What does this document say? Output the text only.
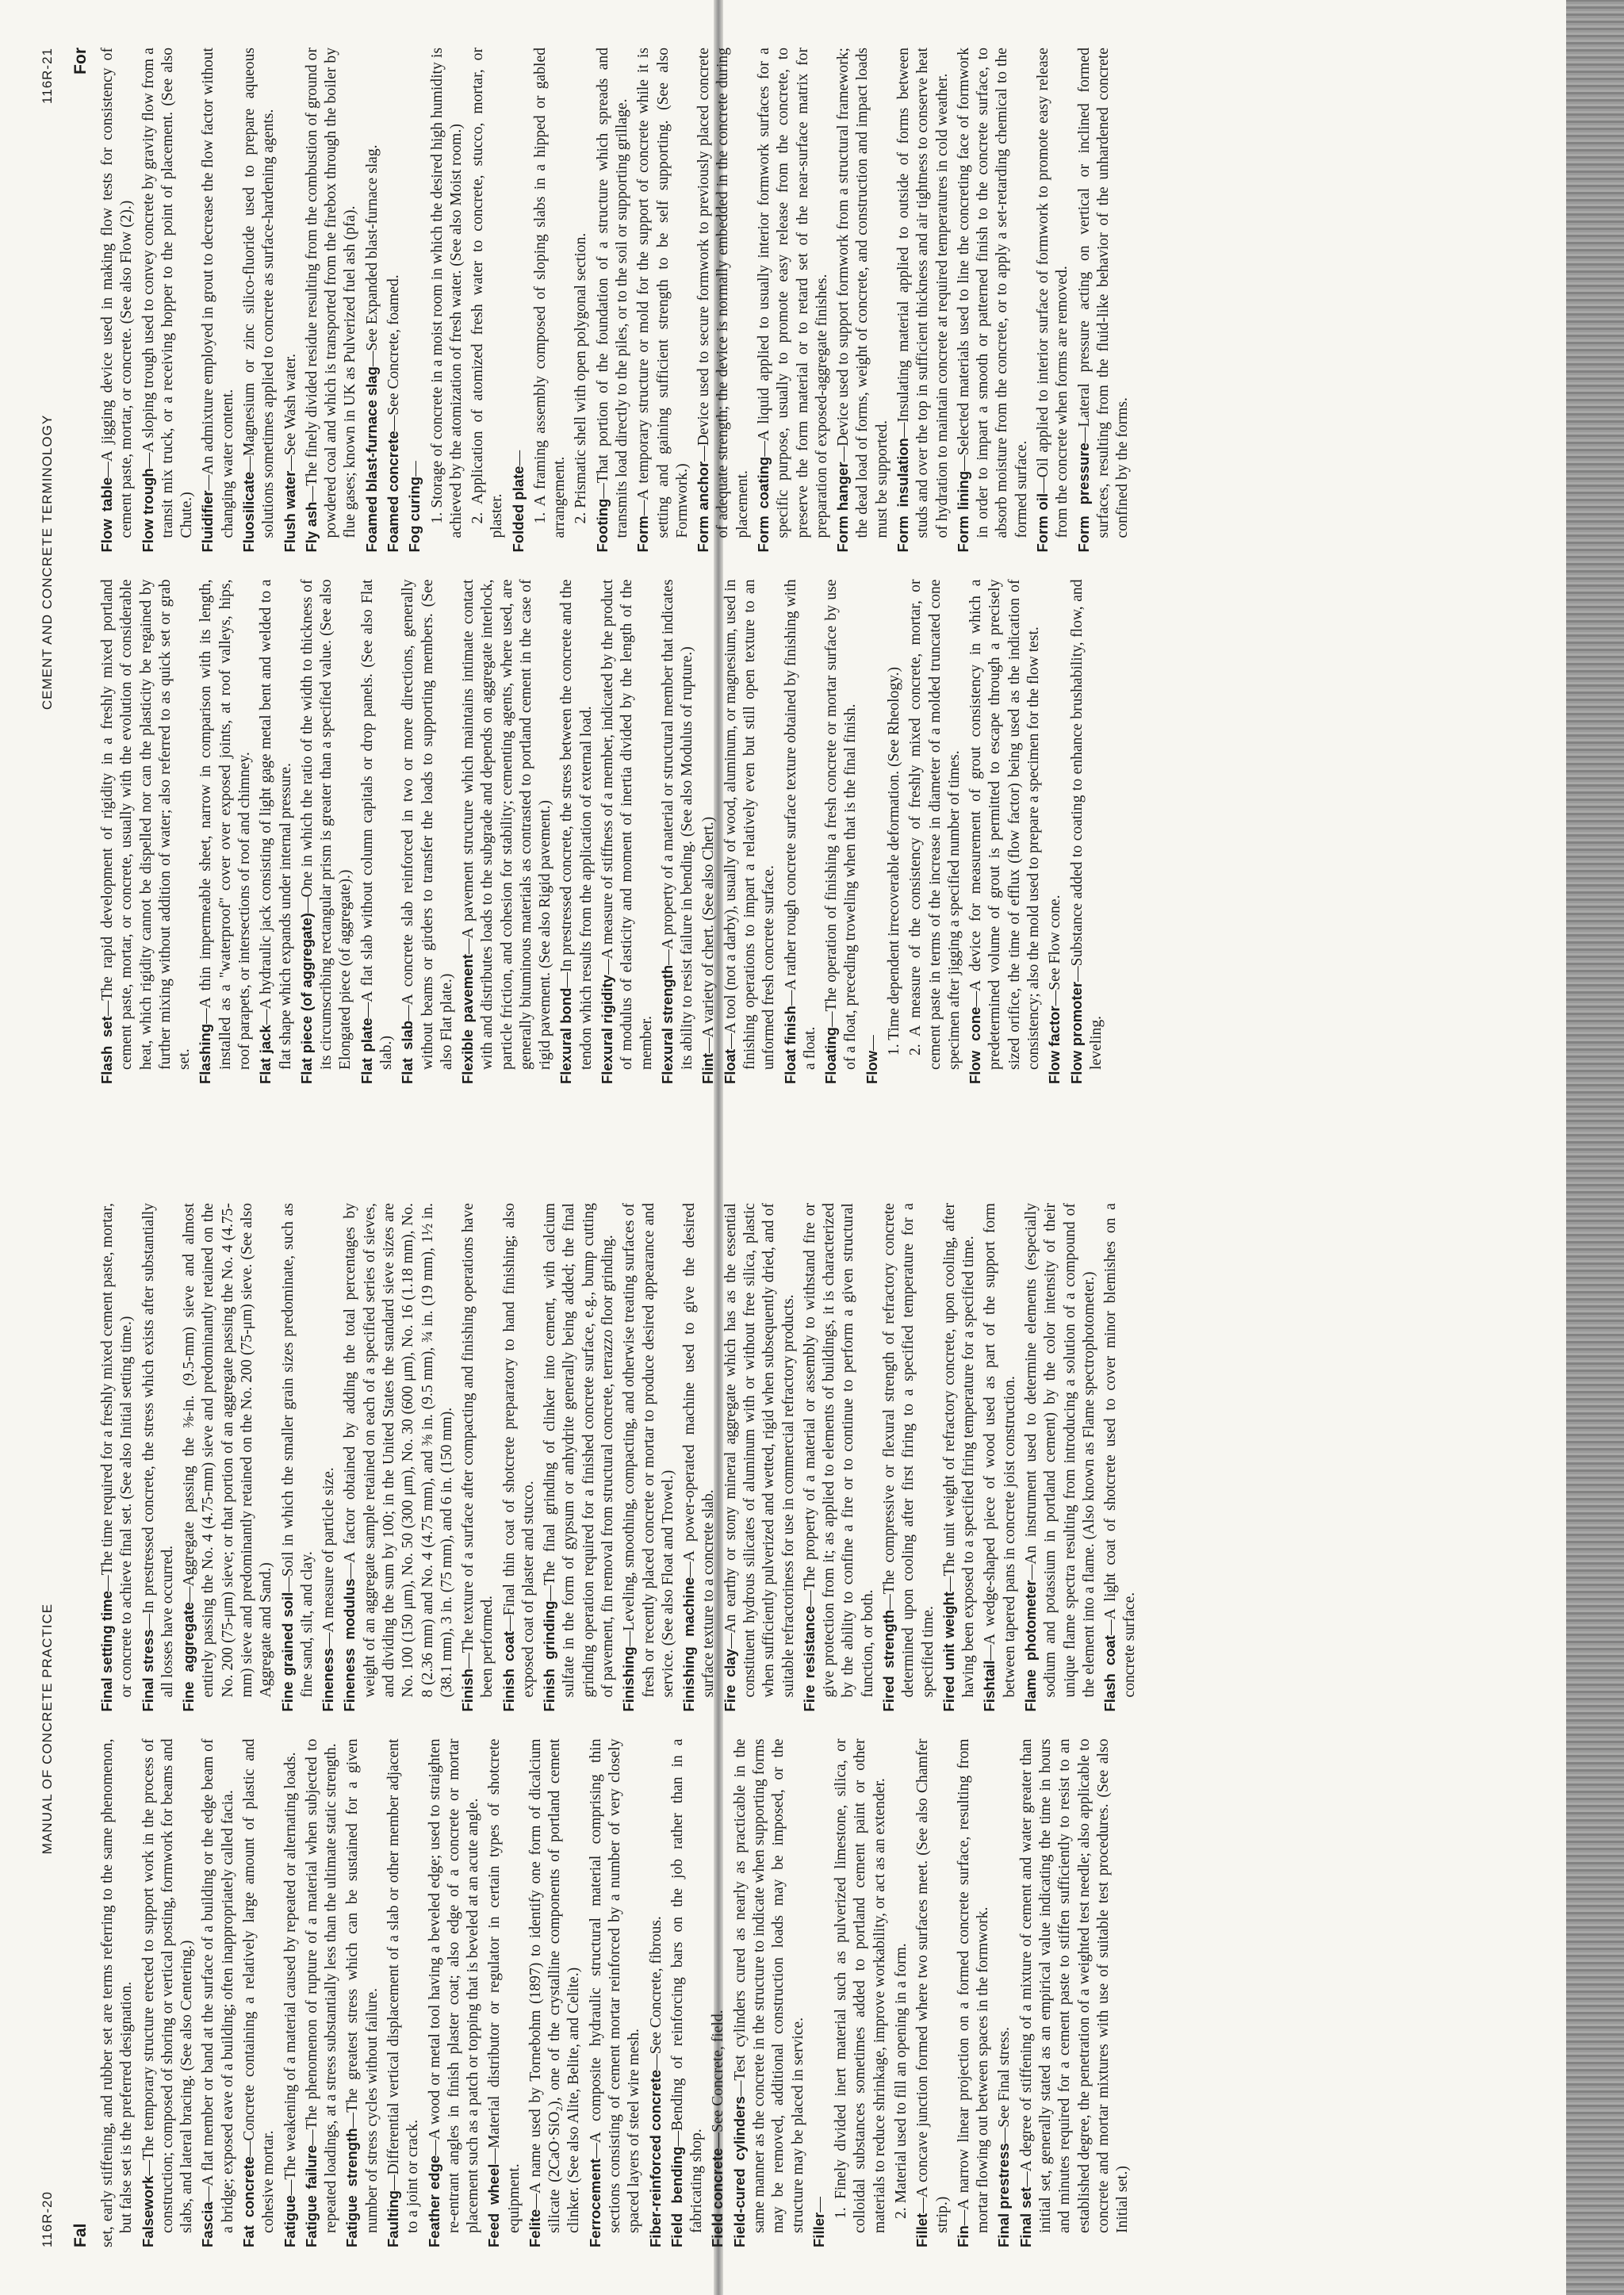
116R-20
MANUAL OF CONCRETE PRACTICE
Fal set, early stiffening, and rubber set are terms referring to the same phenomenon, but false set is the preferred designation. Falsework—The temporary structure erected to support work in the process of construction; composed of shoring or vertical posting, formwork for beams and slabs, and lateral bracing. (See also Centering.) Fascia—A flat member or band at the surface of a building or the edge beam of a bridge; exposed eave of a building; often inappropriately called facia. Fat concrete—Concrete containing a relatively large amount of plastic and cohesive mortar. Fatigue—The weakening of a material caused by repeated or alternating loads.

Fatigue failure—The phenomenon of rupture of a material when subjected to repeated loadings, at a stress substantially less than the ultimate static strength. Fatigue strength—The greatest stress which can be sustained for a given number of stress cycles without failure. Faulting—Differential vertical displacement of a slab or other member adjacent to a joint or crack. Feather edge—A wood or metal tool having a beveled edge; used to straighten re-entrant angles in finish plaster coat; also edge of a concrete or mortar placement such as a patch or topping that is beveled at an acute angle. Feed wheel—Material distributor or regulator in certain types of shotcrete equipment. Felite—A name used by Tornebohm (1897) to identify one form of dicalcium silicate (2CaO·SiO₂), one of the crystalline components of portland cement clinker. (See also Alite, Belite, and Celite.) Ferrocement—A composite hydraulic structural material comprising thin sections consisting of cement mortar reinforced by a number of very closely spaced layers of steel wire mesh. Fiber-reinforced concrete—See Concrete, fibrous.

Field bending—Bending of reinforcing bars on the job rather than in a fabricating shop. Field concrete—See Concrete, field.

Field-cured cylinders—Test cylinders cured as nearly as practicable in the same manner as the concrete in the structure to indicate when supporting forms may be removed, additional construction loads may be imposed, or the structure may be placed in service. Filler— 1. Finely divided inert material such as pulverized limestone, silica, or colloidal substances sometimes added to portland cement paint or other materials to reduce shrinkage, improve workability, or act as an extender. 2. Material used to fill an opening in a form.

Fillet—A concave junction formed where two surfaces meet. (See also Chamfer strip.)

Fin—A narrow linear projection on a formed concrete surface, resulting from mortar flowing out between spaces in the formwork. Final prestress—See Final stress.

Final set—A degree of stiffening of a mixture of cement and water greater than initial set, generally stated as an empirical value indicating the time in hours and minutes required for a cement paste to stiffen sufficiently to resist to an established degree, the penetration of a weighted test needle; also applicable to concrete and mortar mixtures with use of suitable test procedures. (See also Initial set.)

Final setting time—The time required for a freshly mixed cement paste, mortar, or concrete to achieve final set. (See also Initial setting time.) Final stress—In prestressed concrete, the stress which exists after substantially all losses have occurred. Fine aggregate—Aggregate passing the ⅜-in. (9.5-mm) sieve and almost entirely passing the No. 4 (4.75-mm) sieve and predominantly retained on the No. 200 (75-μm) sieve; or that portion of an aggregate passing the No. 4 (4.75-mm) sieve and predominantly retained on the No. 200 (75-μm) sieve. (See also Aggregate and Sand.) Fine grained soil—Soil in which the smaller grain sizes predominate, such as fine sand, silt, and clay. Fineness—A measure of particle size. Fineness modulus—A factor obtained by adding the total percentages by weight of an aggregate sample retained on each of a specified series of sieves, and dividing the sum by 100; in the United States the standard sieve sizes are No. 100 (150 μm), No. 50 (300 μm), No. 30 (600 μm), No. 16 (1.18 mm), No. 8 (2.36 mm) and No. 4 (4.75 mm), and ⅜ in. (9.5 mm), ¾ in. (19 mm), 1½ in. (38.1 mm), 3 in. (75 mm), and 6 in. (150 mm). Finish—The texture of a surface after compacting and finishing operations have been performed. Finish coat—Final thin coat of shotcrete preparatory to hand finishing; also exposed coat of plaster and stucco. Finish grinding—The final grinding of clinker into cement, with calcium sulfate in the form of gypsum or anhydrite generally being added; the final grinding operation required for a finished concrete surface, e.g., bump cutting of pavement, fin removal from structural concrete, terrazzo floor grinding. Finishing—Leveling, smoothing, compacting, and otherwise treating surfaces of fresh or recently placed concrete or mortar to produce desired appearance and service. (See also Float and Trowel.) Finishing machine—A power-operated machine used to give the desired surface texture to a concrete slab. Fire clay—An earthy or stony mineral aggregate which has as the essential constituent hydrous silicates of aluminum with or without free silica, plastic when sufficiently pulverized and wetted, rigid when subsequently dried, and of suitable refractoriness for use in commercial refractory products. Fire resistance—The property of a material or assembly to withstand fire or give protection from it; as applied to elements of buildings, it is characterized by the ability to confine a fire or to continue to perform a given structural function, or both. Fired strength—The compressive or flexural strength of refractory concrete determined upon cooling after first firing to a specified temperature for a specified time. Fired unit weight—The unit weight of refractory concrete, upon cooling, after having been exposed to a specified firing temperature for a specified time. Fishtail—A wedge-shaped piece of wood used as part of the support form between tapered pans in concrete joist construction. Flame photometer—An instrument used to determine elements (especially sodium and potassium in portland cement) by the color intensity of their unique flame spectra resulting from introducing a solution of a compound of the element into a flame. (Also known as Flame spectrophotometer.) Flash coat—A light coat of shotcrete used to cover minor blemishes on a concrete surface.

CEMENT AND CONCRETE TERMINOLOGY
116R-21 For

Flash set—The rapid development of rigidity in a freshly mixed portland cement paste, mortar, or concrete, usually with the evolution of considerable heat, which rigidity cannot be dispelled nor can the plasticity be regained by further mixing without addition of water; also referred to as quick set or grab set. Flashing—A thin impermeable sheet, narrow in comparison with its length, installed as a "waterproof" cover over exposed joints, at roof valleys, hips, roof parapets, or intersections of roof and chimney. Flat jack—A hydraulic jack consisting of light gage metal bent and welded to a flat shape which expands under internal pressure. Flat piece (of aggregate)—One in which the ratio of the width to thickness of its circumscribing rectangular prism is greater than a specified value. (See also Elongated piece (of aggregate).) Flat plate—A flat slab without column capitals or drop panels. (See also Flat slab.) Flat slab—A concrete slab reinforced in two or more directions, generally without beams or girders to transfer the loads to supporting members. (See also Flat plate.) Flexible pavement—A pavement structure which maintains intimate contact with and distributes loads to the subgrade and depends on aggregate interlock, particle friction, and cohesion for stability; cementing agents, where used, are generally bituminous materials as contrasted to portland cement in the case of rigid pavement. (See also Rigid pavement.) Flexural bond—In prestressed concrete, the stress between the concrete and the tendon which results from the application of external load. Flexural rigidity—A measure of stiffness of a member, indicated by the product of modulus of elasticity and moment of inertia divided by the length of the member. Flexural strength—A property of a material or structural member that indicates its ability to resist failure in bending. (See also Modulus of rupture.) Flint—A variety of chert. (See also Chert.)

Float—A tool (not a darby), usually of wood, aluminum, or magnesium, used in finishing operations to impart a relatively even but still open texture to an unformed fresh concrete surface. Float finish—A rather rough concrete surface texture obtained by finishing with a float. Floating—The operation of finishing a fresh concrete or mortar surface by use of a float, preceding troweling when that is the final finish. Flow— 1. Time dependent irrecoverable deformation. (See Rheology.) 2. A measure of the consistency of freshly mixed concrete, mortar, or cement paste in terms of the increase in diameter of a molded truncated cone specimen after jigging a specified number of times. Flow cone—A device for measurement of grout consistency in which a predetermined volume of grout is permitted to escape through a precisely sized orifice, the time of efflux (flow factor) being used as the indication of consistency; also the mold used to prepare a specimen for the flow test. Flow factor—See Flow cone.

Flow promoter—Substance added to coating to enhance brushability, flow, and leveling.

Flow table—A jigging device used in making flow tests for consistency of cement paste, mortar, or concrete. (See also Flow (2).) Flow trough—A sloping trough used to convey concrete by gravity flow from a transit mix truck, or a receiving hopper to the point of placement. (See also Chute.) Fluidifier—An admixture employed in grout to decrease the flow factor without changing water content. Fluosilicate—Magnesium or zinc silico-fluoride used to prepare aqueous solutions sometimes applied to concrete as surface-hardening agents. Flush water—See Wash water.

Fly ash—The finely divided residue resulting from the combustion of ground or powdered coal and which is transported from the firebox through the boiler by flue gases; known in UK as Pulverized fuel ash (pfa). Foamed blast-furnace slag—See Expanded blast-furnace slag.

Foamed concrete—See Concrete, foamed.

Fog curing— 1. Storage of concrete in a moist room in which the desired high humidity is achieved by the atomization of fresh water. (See also Moist room.) 2. Application of atomized fresh water to concrete, stucco, mortar, or plaster. Folded plate— 1. A framing assembly composed of sloping slabs in a hipped or gabled arrangement. 2. Prismatic shell with open polygonal section.

Footing—That portion of the foundation of a structure which spreads and transmits load directly to the piles, or to the soil or supporting grillage. Form—A temporary structure or mold for the support of concrete while it is setting and gaining sufficient strength to be self supporting. (See also Formwork.) Form anchor—Device used to secure formwork to previously placed concrete of adequate strength; the device is normally embedded in the concrete during placement. Form coating—A liquid applied to usually interior formwork surfaces for a specific purpose, usually to promote easy release from the concrete, to preserve the form material or to retard set of the near-surface matrix for preparation of exposed-aggregate finishes. Form hanger—Device used to support formwork from a structural framework; the dead load of forms, weight of concrete, and construction and impact loads must be supported. Form insulation—Insulating material applied to outside of forms between studs and over the top in sufficient thickness and air tightness to conserve heat of hydration to maintain concrete at required temperatures in cold weather. Form lining—Selected materials used to line the concreting face of formwork in order to impart a smooth or patterned finish to the concrete surface, to absorb moisture from the concrete, or to apply a set-retarding chemical to the formed surface. Form oil—Oil applied to interior surface of formwork to promote easy release from the concrete when forms are removed. Form pressure—Lateral pressure acting on vertical or inclined formed surfaces, resulting from the fluid-like behavior of the unhardened concrete confined by the forms.
